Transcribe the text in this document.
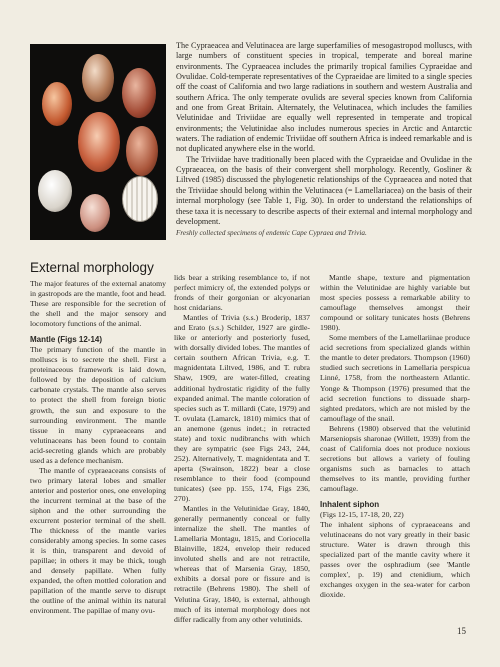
The Cypraeacea and Velutinacea are large superfamilies of mesogastropod molluscs, with large numbers of constituent species in tropical, temperate and boreal marine environments. The Cypraeacea includes the primarily tropical families Cypraeidae and Ovulidae. Cold-temperate representatives of the Cypraeidae are limited to a single species off the coast of California and two large radiations in southern and western Australia and southern Africa. The only temperate ovulids are several species known from California and one from Great Britain. Alternately, the Velutinacea, which includes the families Velutinidae and Triviidae are equally well represented in temperate and tropical environments; the Velutinidae also includes numerous species in Arctic and Antarctic waters. The radiation of endemic Triviidae off southern Africa is indeed remarkable and is not duplicated anywhere else in the world.

The Triviidae have traditionally been placed with the Cypraeidae and Ovulidae in the Cypraeacea, on the basis of their convergent shell morphology. Recently, Gosliner & Liltved (1985) discussed the phylogenetic relationships of the Cypraeacea and noted that the Triviidae should belong within the Velutinacea (= Lamellariacea) on the basis of their internal morphology (see Table 1, Fig. 30). In order to understand the relationships of these taxa it is necessary to describe aspects of their external and internal morphology and development.

Freshly collected specimens of endemic Cape Cypraea and Trivia.

External morphology

The major features of the external anatomy in gastropods are the mantle, foot and head. These are responsible for the secretion of the shell and the major sensory and locomotory functions of the animal.

Mantle (Figs 12-14)

The primary function of the mantle in molluscs is to secrete the shell. First a proteinaceous framework is laid down, followed by the deposition of calcium carbonate crystals. The mantle also serves to protect the shell from foreign biotic growth, the sun and exposure to the surrounding environment. The mantle tissue in many cypraeaceans and velutinaceans has been found to contain acid-secreting glands which are probably used as a defence mechanism.

The mantle of cypraeaceans consists of two primary lateral lobes and smaller anterior and posterior ones, one enveloping the incurrent terminal at the base of the siphon and the other surrounding the excurrent posterior terminal of the shell. The thickness of the mantle varies considerably among species. In some cases it is thin, transparent and devoid of papillae; in others it may be thick, tough and densely papillate. When fully expanded, the often mottled coloration and papillation of the mantle serve to disrupt the outline of the animal within its natural environment. The papillae of many ovu-

lids bear a striking resemblance to, if not perfect mimicry of, the extended polyps or fronds of their gorgonian or alcyonarian host cnidarians.

Mantles of Trivia (s.s.) Broderip, 1837 and Erato (s.s.) Schilder, 1927 are girdle-like or anteriorly and posteriorly fused, with dorsally divided lobes. The mantles of certain southern African Trivia, e.g. T. magnidentata Liltved, 1986, and T. rubra Shaw, 1909, are water-filled, creating additional hydrostatic rigidity of the fully expanded animal. The mantle coloration of species such as T. millardi (Cate, 1979) and T. ovulata (Lamarck, 1810) mimics that of an anemone (genus indet.; in retracted state) and toxic nudibranchs with which they are sympatric (see Figs 243, 244, 252). Alternatively, T. magnidentata and T. aperta (Swainson, 1822) bear a close resemblance to their food (compound tunicates) (see pp. 155, 174, Figs 236, 270).

Mantles in the Velutinidae Gray, 1840, generally permanently conceal or fully internalize the shell. The mantles of Lamellaria Montagu, 1815, and Coriocella Blainville, 1824, envelop their reduced involuted shells and are not retractile, whereas that of Marsenia Gray, 1850, exhibits a dorsal pore or fissure and is retractile (Behrens 1980). The shell of Velutina Gray, 1840, is external, although much of its internal morphology does not differ radically from any other velutinids.

Mantle shape, texture and pigmentation within the Velutinidae are highly variable but most species possess a remarkable ability to camouflage themselves amongst their compound or solitary tunicates hosts (Behrens 1980).

Some members of the Lamellariinae produce acid secretions from specialized glands within the mantle to deter predators. Thompson (1960) studied such secretions in Lamellaria perspicua Linné, 1758, from the northeastern Atlantic. Yonge & Thompson (1976) presumed that the acid secretion functions to dissuade sharp-sighted predators, which are not misled by the camouflage of the snail.

Behrens (1980) observed that the velutinid Marseniopsis sharonae (Willett, 1939) from the coast of California does not produce noxious secretions but allows a variety of fouling organisms such as barnacles to attach themselves to its mantle, providing further camouflage.

Inhalent siphon

(Figs 12-15, 17-18, 20, 22)

The inhalent siphons of cypraeaceans and velutinaceans do not vary greatly in their basic structure. Water is drawn through this specialized part of the mantle cavity where it passes over the osphradium (see 'Mantle complex', p. 19) and ctenidium, which exchanges oxygen in the sea-water for carbon dioxide.

15
